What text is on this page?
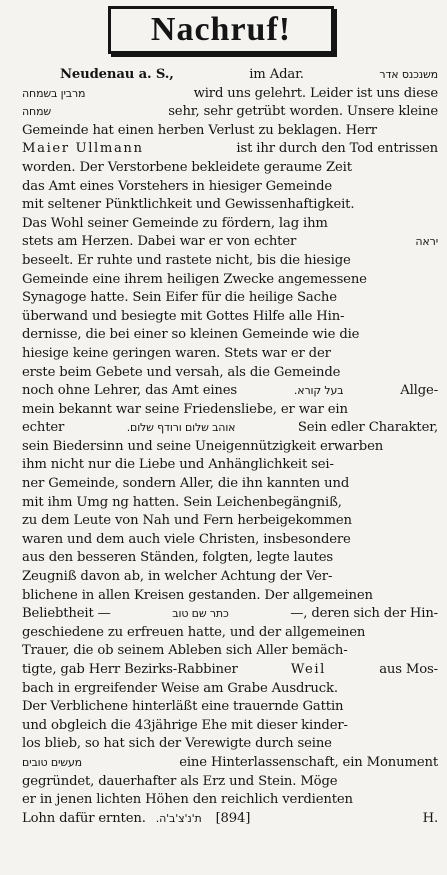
Nachruf!
Neudenau a. S.,	im Adar.	משנכנס אדר
מרבין בשמחה	wird uns gelehrt. Leider ist uns diese
שמחה	sehr, sehr getrübt worden. Unsere kleine
Gemeinde hat einen herben Verlust zu beklagen. Herr
Maier Ullmann	ist ihr durch den Tod entrissen
worden. Der Verstorbene bekleidete geraume Zeit
das Amt eines Vorstehers in hiesiger Gemeinde
mit seltener Pünktlichkeit und Gewissenhaftigkeit.
Das Wohl seiner Gemeinde zu fördern, lag ihm
stets am Herzen. Dabei war er von echter	יראה
beseelt. Er ruhte und rastete nicht, bis die hiesige
Gemeinde eine ihrem heiligen Zwecke angemessene
Synagoge hatte. Sein Eifer für die heilige Sache
überwand und besiegte mit Gottes Hilfe alle Hin-
dernisse, die bei einer so kleinen Gemeinde wie die
hiesige keine geringen waren. Stets war er der
erste beim Gebete und versah, als die Gemeinde
noch ohne Lehrer, das Amt eines	בעל קורא.	Allge-
mein bekannt war seine Friedensliebe, er war ein
echter	אוהב שלום ורודף שלום.	Sein edler Charakter,
sein Biedersinn und seine Uneigennützigkeit erwarben
ihm nicht nur die Liebe und Anhänglichkeit sei-
ner Gemeinde, sondern Aller, die ihn kannten und
mit ihm Umg ng hatten. Sein Leichenbegängniß,
zu dem Leute von Nah und Fern herbeigekommen
waren und dem auch viele Christen, insbesondere
aus den besseren Ständen, folgten, legte lautes
Zeugniß davon ab, in welcher Achtung der Ver-
blichene in allen Kreisen gestanden. Der allgemeinen
Beliebtheit —	כתר שם טוב	—, deren sich der Hin-
geschiedene zu erfreuen hatte, und der allgemeinen
Trauer, die ob seinem Ableben sich Aller bemäch-
tigte, gab Herr Bezirks-Rabbiner	Weil	aus Mos-
bach in ergreifender Weise am Grabe Ausdruck.
Der Verblichene hinterläßt eine trauernde Gattin
und obgleich die 43jährige Ehe mit dieser kinder-
los blieb, so hat sich der Verewigte durch seine
מעשים טובים	eine Hinterlassenschaft, ein Monument
gegründet, dauerhafter als Erz und Stein. Möge
er in jenen lichten Höhen den reichlich verdienten
Lohn dafür ernten. ת'נ'צ'ב'ה. [894]	H.
